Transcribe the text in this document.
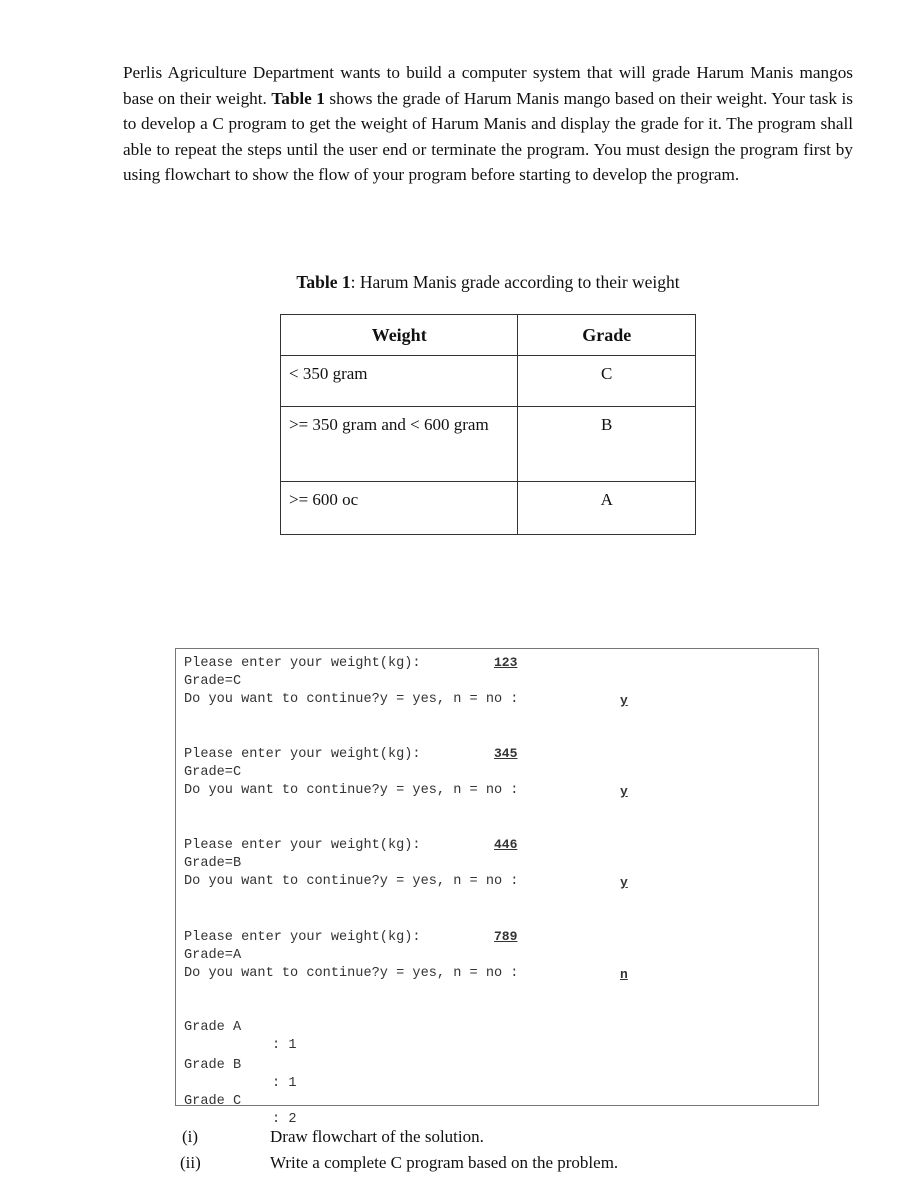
Perlis Agriculture Department wants to build a computer system that will grade Harum Manis mangos base on their weight. Table 1 shows the grade of Harum Manis mango based on their weight. Your task is to develop a C program to get the weight of Harum Manis and display the grade for it. The program shall able to repeat the steps until the user end or terminate the program. You must design the program first by using flowchart to show the flow of your program before starting to develop the program.
Table 1: Harum Manis grade according to their weight
Weight	Grade
< 350 gram	C
>= 350 gram and < 600 gram	B
>= 600 oc	A
Please enter your weight(kg):	123
Grade=C
Do you want to continue?y = yes, n = no :	y
Please enter your weight(kg):	345
Grade=C
Do you want to continue?y = yes, n = no :	y
Please enter your weight(kg):	446
Grade=B
Do you want to continue?y = yes, n = no :	y
Please enter your weight(kg):	789
Grade=A
Do you want to continue?y = yes, n = no :	n

Grade A

: 1

Grade B

: 1

Grade C

: 2

(i)	Draw flowchart of the solution.
(ii)	Write a complete C program based on the problem.
